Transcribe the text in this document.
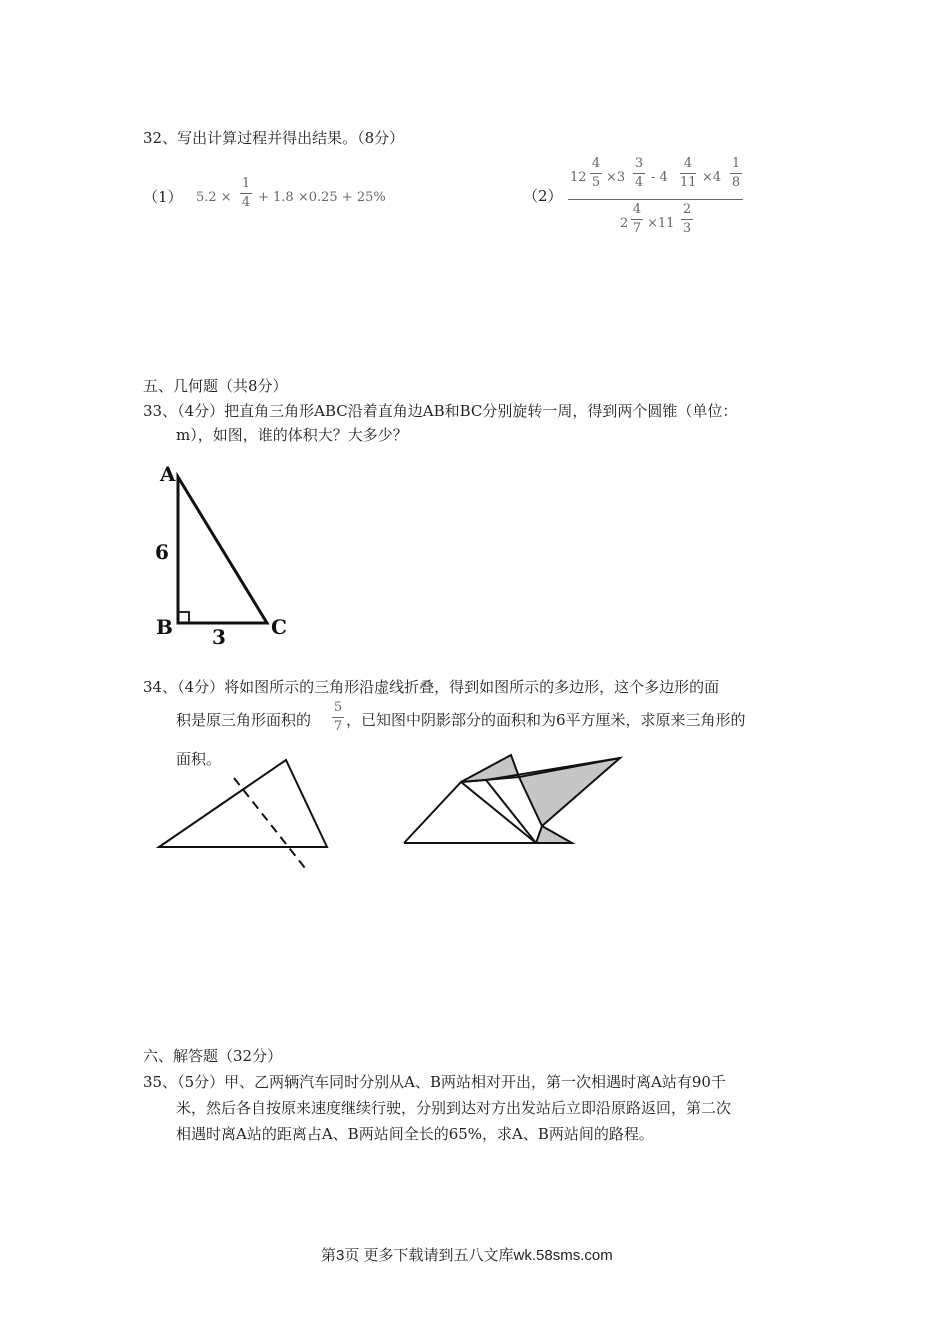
32、写出计算过程并得出结果。（8分）
（1） 5.2 ×
1
4 + 1.8 ×0.25 + 25%	（2）
12
4
5 ×3
3
4 - 4
4
11 ×4
1
8
2
4
7 ×11
2
3
五、几何题（共8分）
33、（4分）把直角三角形ABC沿着直角边AB和BC分别旋转一周，得到两个圆锥（单位：
m），如图，谁的体积大？大多少？
A
6
B	C
3
34、（4分）将如图所示的三角形沿虚线折叠，得到如图所示的多边形，这个多边形的面
积是原三角形面积的
5
7 ，已知图中阴影部分的面积和为6平方厘米，求原来三角形的
面积。
六、解答题（32分）
35、（5分）甲、乙两辆汽车同时分别从A、B两站相对开出，第一次相遇时离A站有90千
米，然后各自按原来速度继续行驶，分别到达对方出发站后立即沿原路返回，第二次
相遇时离A站的距离占A、B两站间全长的65%，求A、B两站间的路程。
第3页 更多下载请到五八文库wk.58sms.com
